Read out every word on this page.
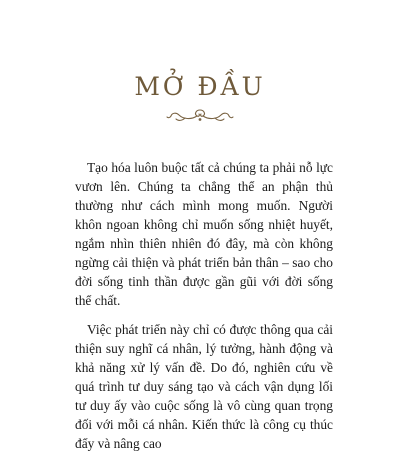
MỞ ĐẦU

Tạo hóa luôn buộc tất cả chúng ta phải nỗ lực vươn lên. Chúng ta chẳng thể an phận thủ thường như cách mình mong muốn. Người khôn ngoan không chỉ muốn sống nhiệt huyết, ngắm nhìn thiên nhiên đó đây, mà còn không ngừng cải thiện và phát triển bản thân – sao cho đời sống tinh thần được gần gũi với đời sống thể chất.

Việc phát triển này chỉ có được thông qua cải thiện suy nghĩ cá nhân, lý tưởng, hành động và khả năng xử lý vấn đề. Do đó, nghiên cứu về quá trình tư duy sáng tạo và cách vận dụng lối tư duy ấy vào cuộc sống là vô cùng quan trọng đối với mỗi cá nhân. Kiến thức là công cụ thúc đẩy và nâng cao
